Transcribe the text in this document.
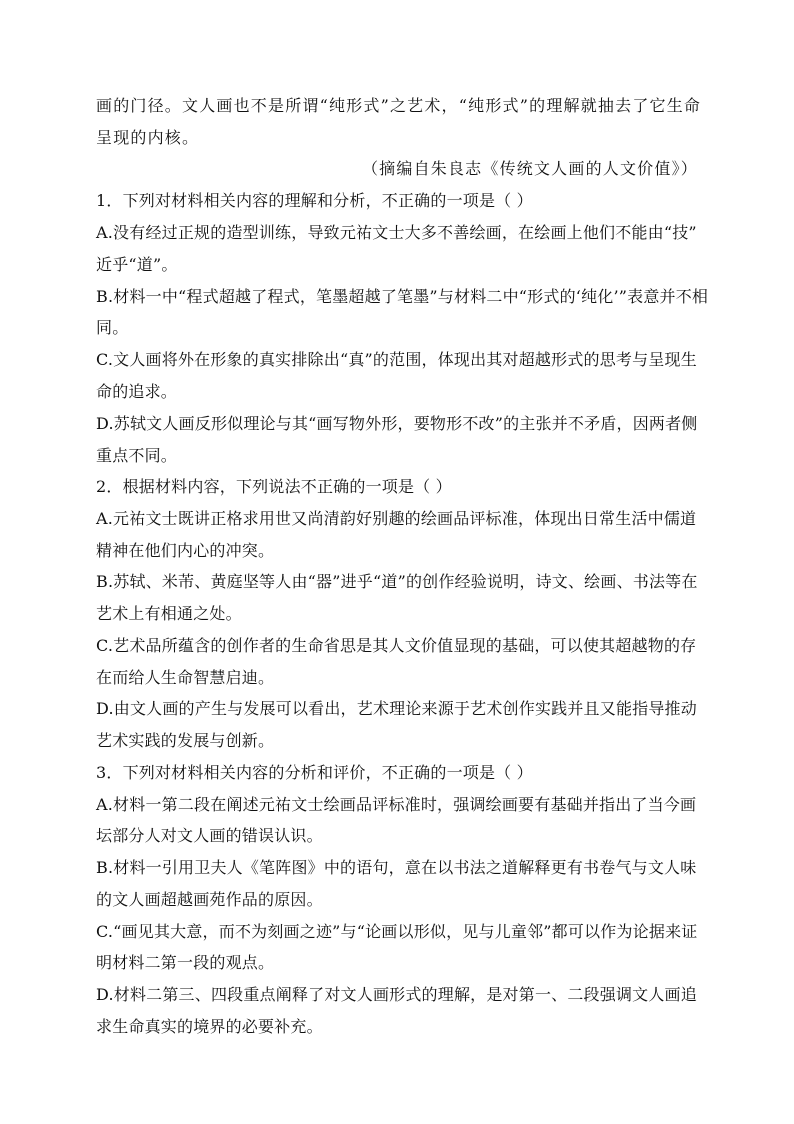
画的门径。文人画也不是所谓“纯形式”之艺术，“纯形式”的理解就抽去了它生命
呈现的内核。
（摘编自朱良志《传统文人画的人文价值》）
1．下列对材料相关内容的理解和分析，不正确的一项是（ ）
A.没有经过正规的造型训练，导致元祐文士大多不善绘画，在绘画上他们不能由“技”
近乎“道”。
B.材料一中“程式超越了程式，笔墨超越了笔墨”与材料二中“形式的‘纯化’”表意并不相
同。
C.文人画将外在形象的真实排除出“真”的范围，体现出其对超越形式的思考与呈现生
命的追求。
D.苏轼文人画反形似理论与其“画写物外形，要物形不改”的主张并不矛盾，因两者侧
重点不同。
2．根据材料内容，下列说法不正确的一项是（ ）
A.元祐文士既讲正格求用世又尚清韵好别趣的绘画品评标准，体现出日常生活中儒道
精神在他们内心的冲突。
B.苏轼、米芾、黄庭坚等人由“器”进乎“道”的创作经验说明，诗文、绘画、书法等在
艺术上有相通之处。
C.艺术品所蕴含的创作者的生命省思是其人文价值显现的基础，可以使其超越物的存
在而给人生命智慧启迪。
D.由文人画的产生与发展可以看出，艺术理论来源于艺术创作实践并且又能指导推动
艺术实践的发展与创新。
3．下列对材料相关内容的分析和评价，不正确的一项是（ ）
A.材料一第二段在阐述元祐文士绘画品评标准时，强调绘画要有基础并指出了当今画
坛部分人对文人画的错误认识。
B.材料一引用卫夫人《笔阵图》中的语句，意在以书法之道解释更有书卷气与文人味
的文人画超越画苑作品的原因。
C.“画见其大意，而不为刻画之迹”与“论画以形似，见与儿童邻”都可以作为论据来证
明材料二第一段的观点。
D.材料二第三、四段重点阐释了对文人画形式的理解，是对第一、二段强调文人画追
求生命真实的境界的必要补充。
